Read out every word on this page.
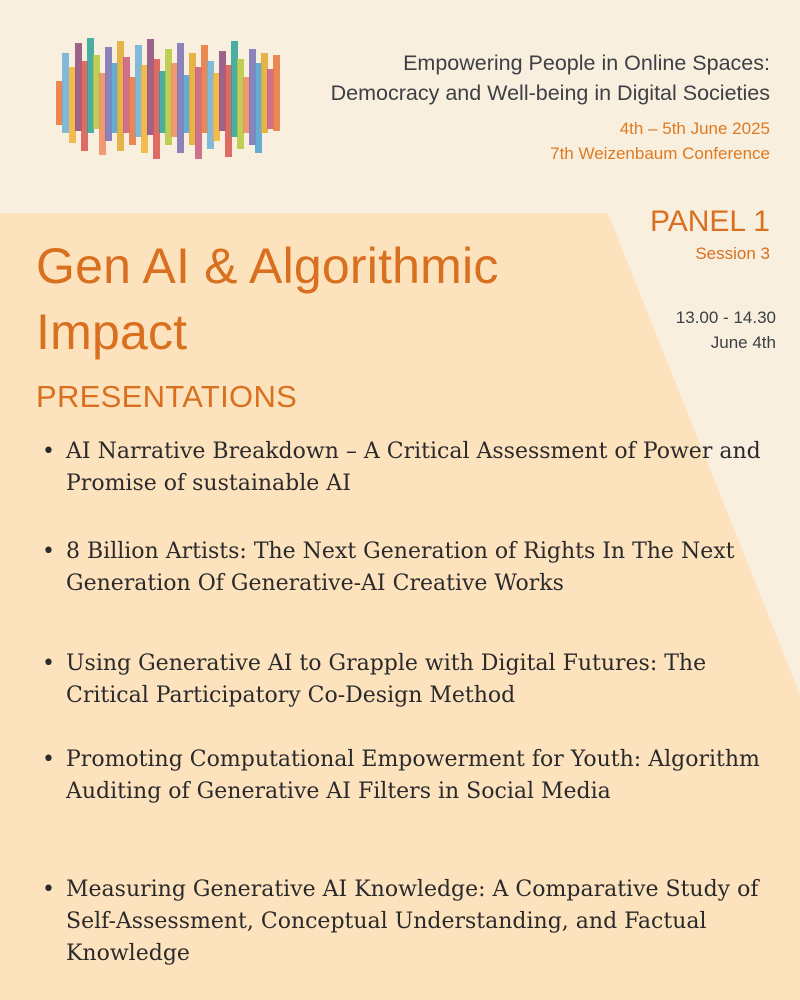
Empowering People in Online Spaces:
Democracy and Well-being in Digital Societies

4th – 5th June 2025
7th Weizenbaum Conference

PANEL 1

Session 3

13.00 - 14.30

June 4th

Gen AI & Algorithmic Impact
PRESENTATIONS
• AI Narrative Breakdown – A Critical Assessment of Power and Promise of sustainable AI
• 8 Billion Artists: The Next Generation of Rights In The Next Generation Of Generative-AI Creative Works
• Using Generative AI to Grapple with Digital Futures: The Critical Participatory Co-Design Method
• Promoting Computational Empowerment for Youth: Algorithm Auditing of Generative AI Filters in Social Media
• Measuring Generative AI Knowledge: A Comparative Study of Self-Assessment, Conceptual Understanding, and Factual Knowledge
